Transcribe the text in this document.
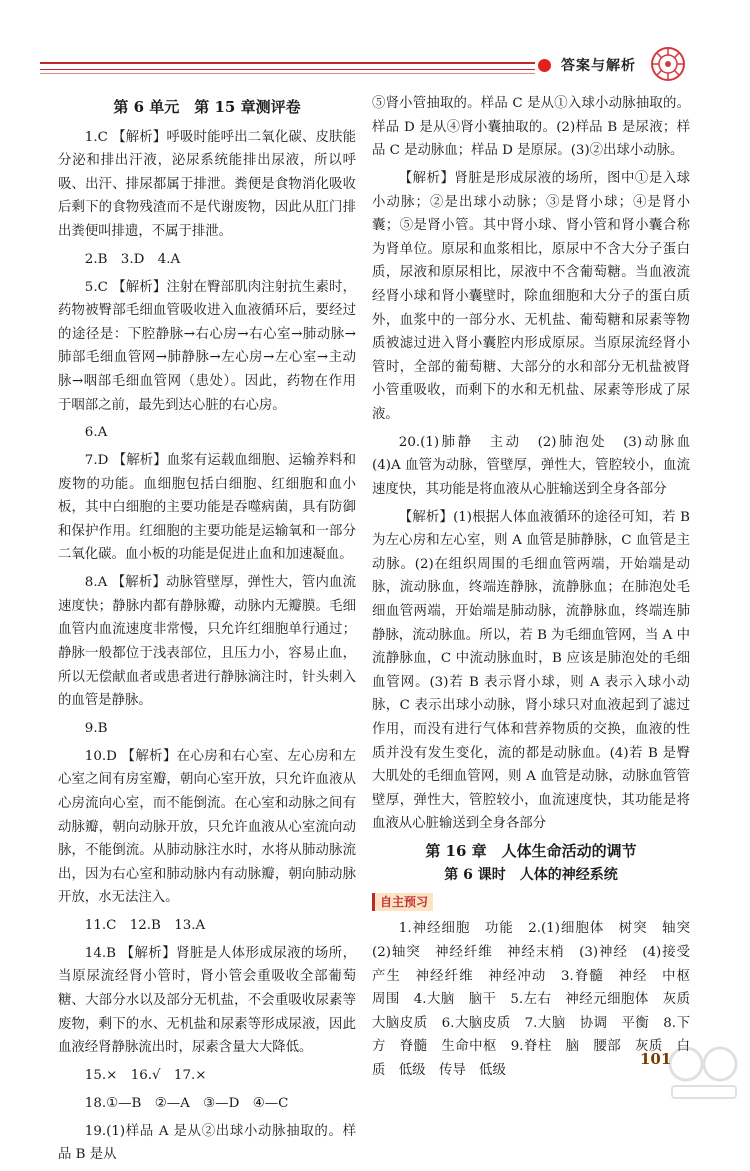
答案与解析

第 6 单元　第 15 章测评卷

1.C 【解析】呼吸时能呼出二氧化碳、皮肤能分泌和排出汗液，泌尿系统能排出尿液，所以呼吸、出汗、排尿都属于排泄。粪便是食物消化吸收后剩下的食物残渣而不是代谢废物，因此从肛门排出粪便叫排遗，不属于排泄。

2.B　3.D　4.A

5.C 【解析】注射在臀部肌肉注射抗生素时，药物被臀部毛细血管吸收进入血液循环后，要经过的途径是：下腔静脉→右心房→右心室→肺动脉→肺部毛细血管网→肺静脉→左心房→左心室→主动脉→咽部毛细血管网（患处）。因此，药物在作用于咽部之前，最先到达心脏的右心房。

6.A

7.D 【解析】血浆有运载血细胞、运输养料和废物的功能。血细胞包括白细胞、红细胞和血小板，其中白细胞的主要功能是吞噬病菌，具有防御和保护作用。红细胞的主要功能是运输氧和一部分二氧化碳。血小板的功能是促进止血和加速凝血。

8.A 【解析】动脉管壁厚，弹性大，管内血流速度快；静脉内都有静脉瓣，动脉内无瓣膜。毛细血管内血流速度非常慢，只允许红细胞单行通过；静脉一般都位于浅表部位，且压力小，容易止血，所以无偿献血者或患者进行静脉滴注时，针头刺入的血管是静脉。

9.B

10.D 【解析】在心房和右心室、左心房和左心室之间有房室瓣，朝向心室开放，只允许血液从心房流向心室，而不能倒流。在心室和动脉之间有动脉瓣，朝向动脉开放，只允许血液从心室流向动脉，不能倒流。从肺动脉注水时，水将从肺动脉流出，因为右心室和肺动脉内有动脉瓣，朝向肺动脉开放，水无法注入。

11.C　12.B　13.A

14.B 【解析】肾脏是人体形成尿液的场所，当原尿流经肾小管时，肾小管会重吸收全部葡萄糖、大部分水以及部分无机盐，不会重吸收尿素等废物，剩下的水、无机盐和尿素等形成尿液，因此血液经肾静脉流出时，尿素含量大大降低。

15.×　16.√　17.×

18.①—B　②—A　③—D　④—C

19.(1)样品 A 是从②出球小动脉抽取的。样品 B 是从

⑤肾小管抽取的。样品 C 是从①入球小动脉抽取的。样品 D 是从④肾小囊抽取的。(2)样品 B 是尿液；样品 C 是动脉血；样品 D 是原尿。(3)②出球小动脉。

【解析】肾脏是形成尿液的场所，图中①是入球小动脉；②是出球小动脉；③是肾小球；④是肾小囊；⑤是肾小管。其中肾小球、肾小管和肾小囊合称为肾单位。原尿和血浆相比，原尿中不含大分子蛋白质，尿液和原尿相比，尿液中不含葡萄糖。当血液流经肾小球和肾小囊壁时，除血细胞和大分子的蛋白质外，血浆中的一部分水、无机盐、葡萄糖和尿素等物质被滤过进入肾小囊腔内形成原尿。当原尿流经肾小管时，全部的葡萄糖、大部分的水和部分无机盐被肾小管重吸收，而剩下的水和无机盐、尿素等形成了尿液。

20.(1)肺静　主动　(2)肺泡处　(3)动脉血　(4)A 血管为动脉，管壁厚，弹性大，管腔较小，血流速度快，其功能是将血液从心脏输送到全身各部分

【解析】(1)根据人体血液循环的途径可知，若 B 为左心房和左心室，则 A 血管是肺静脉，C 血管是主动脉。(2)在组织周围的毛细血管两端，开始端是动脉，流动脉血，终端连静脉，流静脉血；在肺泡处毛细血管两端，开始端是肺动脉，流静脉血，终端连肺静脉，流动脉血。所以，若 B 为毛细血管网，当 A 中流静脉血，C 中流动脉血时，B 应该是肺泡处的毛细血管网。(3)若 B 表示肾小球，则 A 表示入球小动脉，C 表示出球小动脉，肾小球只对血液起到了滤过作用，而没有进行气体和营养物质的交换，血液的性质并没有发生变化，流的都是动脉血。(4)若 B 是臀大肌处的毛细血管网，则 A 血管是动脉，动脉血管管壁厚，弹性大，管腔较小，血流速度快，其功能是将血液从心脏输送到全身各部分

第 16 章　人体生命活动的调节

第 6 课时　人体的神经系统

自主预习

1.神经细胞　功能　2.(1)细胞体　树突　轴突　(2)轴突　神经纤维　神经末梢　(3)神经　(4)接受　产生　神经纤维　神经冲动　3.脊髓　神经　中枢　周围　4.大脑　脑干　5.左右　神经元细胞体　灰质　大脑皮质　6.大脑皮质　7.大脑　协调　平衡　8.下方　脊髓　生命中枢　9.脊柱　脑　腰部　灰质　白质　低级　传导　低级

101
